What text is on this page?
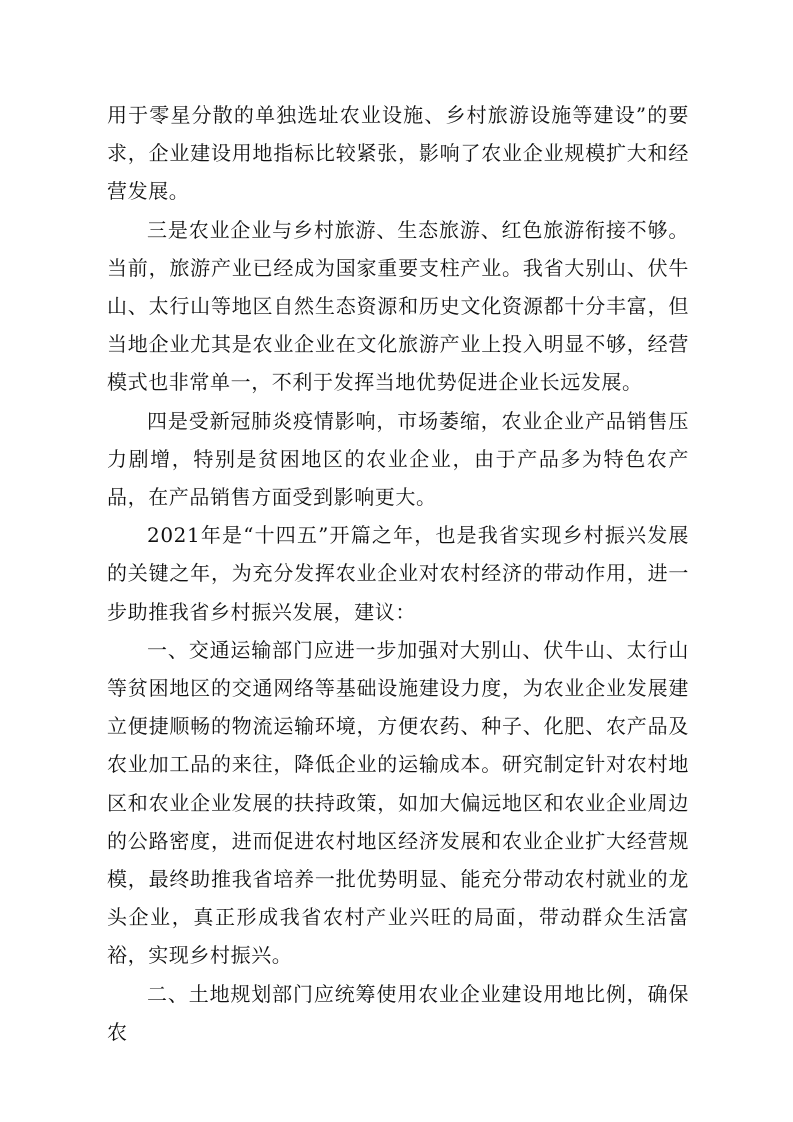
用于零星分散的单独选址农业设施、乡村旅游设施等建设”的要求，企业建设用地指标比较紧张，影响了农业企业规模扩大和经营发展。

三是农业企业与乡村旅游、生态旅游、红色旅游衔接不够。当前，旅游产业已经成为国家重要支柱产业。我省大别山、伏牛山、太行山等地区自然生态资源和历史文化资源都十分丰富，但当地企业尤其是农业企业在文化旅游产业上投入明显不够，经营模式也非常单一，不利于发挥当地优势促进企业长远发展。

四是受新冠肺炎疫情影响，市场萎缩，农业企业产品销售压力剧增，特别是贫困地区的农业企业，由于产品多为特色农产品，在产品销售方面受到影响更大。

2021年是“十四五”开篇之年，也是我省实现乡村振兴发展的关键之年，为充分发挥农业企业对农村经济的带动作用，进一步助推我省乡村振兴发展，建议：

一、交通运输部门应进一步加强对大别山、伏牛山、太行山等贫困地区的交通网络等基础设施建设力度，为农业企业发展建立便捷顺畅的物流运输环境，方便农药、种子、化肥、农产品及农业加工品的来往，降低企业的运输成本。研究制定针对农村地区和农业企业发展的扶持政策，如加大偏远地区和农业企业周边的公路密度，进而促进农村地区经济发展和农业企业扩大经营规模，最终助推我省培养一批优势明显、能充分带动农村就业的龙头企业，真正形成我省农村产业兴旺的局面，带动群众生活富裕，实现乡村振兴。

二、土地规划部门应统筹使用农业企业建设用地比例，确保农
